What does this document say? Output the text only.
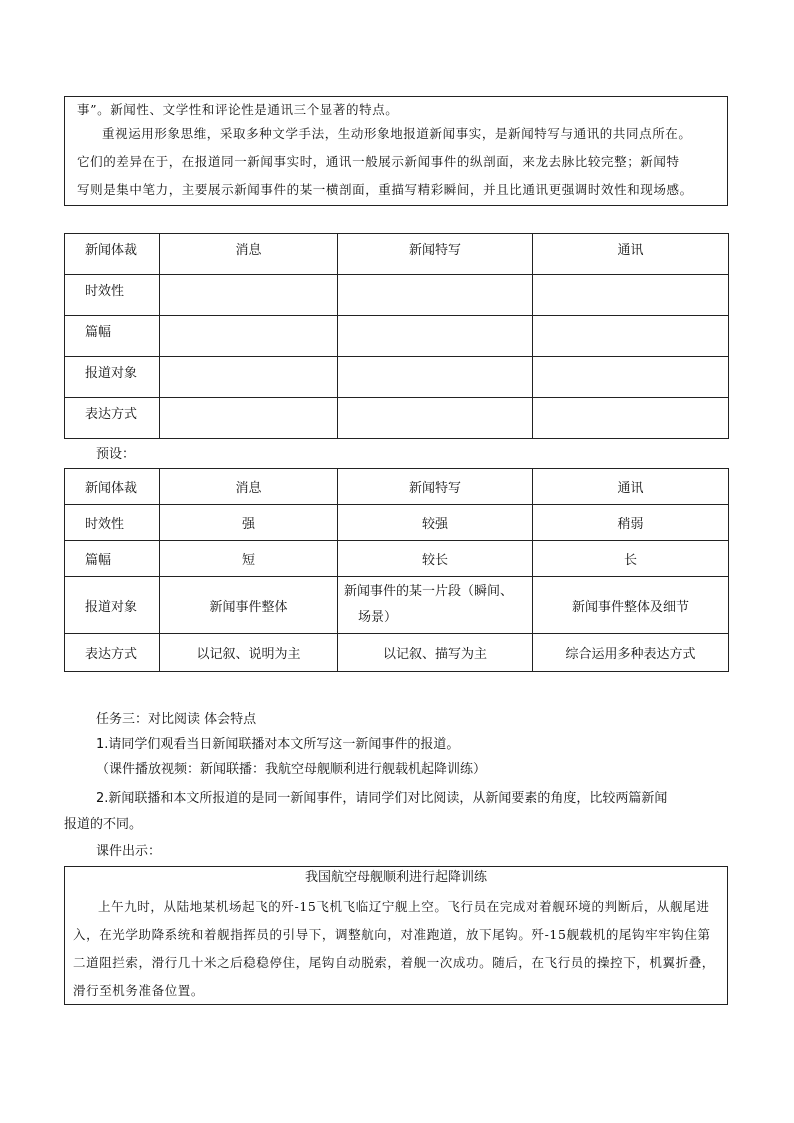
事”。新闻性、文学性和评论性是通讯三个显著的特点。

重视运用形象思维，采取多种文学手法，生动形象地报道新闻事实，是新闻特写与通讯的共同点所在。

它们的差异在于，在报道同一新闻事实时，通讯一般展示新闻事件的纵剖面，来龙去脉比较完整；新闻特

写则是集中笔力，主要展示新闻事件的某一横剖面，重描写精彩瞬间，并且比通讯更强调时效性和现场感。

新闻体裁	消息	新闻特写	通讯
时效性			
篇幅			
报道对象			
表达方式			
预设：
新闻体裁	消息	新闻特写	通讯
时效性	强	较强	稍弱
篇幅	短	较长	长
报道对象	新闻事件整体	新闻事件的某一片段（瞬间、
场景）	新闻事件整体及细节
表达方式	以记叙、说明为主	以记叙、描写为主	综合运用多种表达方式
任务三：对比阅读 体会特点
1.请同学们观看当日新闻联播对本文所写这一新闻事件的报道。
（课件播放视频：新闻联播：我航空母舰顺利进行舰载机起降训练）
2.新闻联播和本文所报道的是同一新闻事件，请同学们对比阅读，从新闻要素的角度，比较两篇新闻
报道的不同。
课件出示：
我国航空母舰顺利进行起降训练

上午九时，从陆地某机场起飞的歼-15飞机飞临辽宁舰上空。飞行员在完成对着舰环境的判断后，从舰尾进入，在光学助降系统和着舰指挥员的引导下，调整航向，对准跑道，放下尾钩。歼-15舰载机的尾钩牢牢钩住第二道阻拦索，滑行几十米之后稳稳停住，尾钩自动脱索，着舰一次成功。随后，在飞行员的操控下，机翼折叠，滑行至机务准备位置。
